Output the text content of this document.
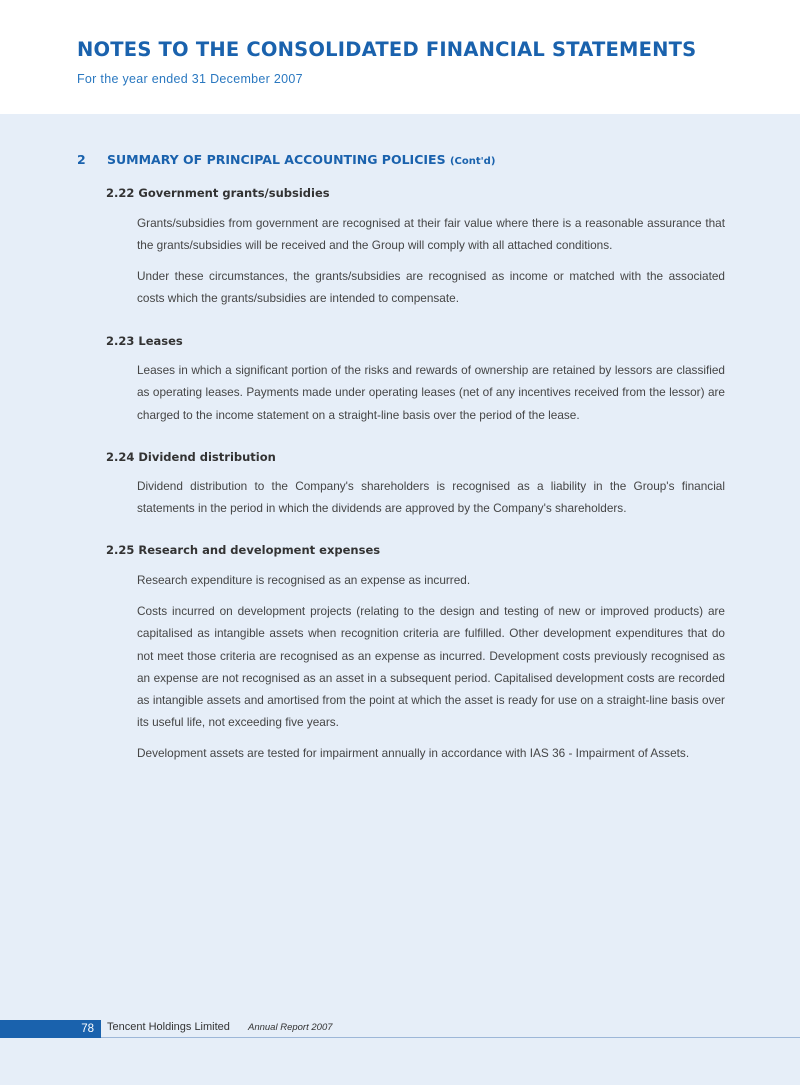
NOTES TO THE CONSOLIDATED FINANCIAL STATEMENTS
For the year ended 31 December 2007
2 SUMMARY OF PRINCIPAL ACCOUNTING POLICIES (Cont'd)
2.22 Government grants/subsidies

Grants/subsidies from government are recognised at their fair value where there is a reasonable assurance that the grants/subsidies will be received and the Group will comply with all attached conditions.

Under these circumstances, the grants/subsidies are recognised as income or matched with the associated costs which the grants/subsidies are intended to compensate.

2.23 Leases

Leases in which a significant portion of the risks and rewards of ownership are retained by lessors are classified as operating leases. Payments made under operating leases (net of any incentives received from the lessor) are charged to the income statement on a straight-line basis over the period of the lease.

2.24 Dividend distribution

Dividend distribution to the Company's shareholders is recognised as a liability in the Group's financial statements in the period in which the dividends are approved by the Company's shareholders.

2.25 Research and development expenses

Research expenditure is recognised as an expense as incurred.

Costs incurred on development projects (relating to the design and testing of new or improved products) are capitalised as intangible assets when recognition criteria are fulfilled. Other development expenditures that do not meet those criteria are recognised as an expense as incurred. Development costs previously recognised as an expense are not recognised as an asset in a subsequent period. Capitalised development costs are recorded as intangible assets and amortised from the point at which the asset is ready for use on a straight-line basis over its useful life, not exceeding five years.

Development assets are tested for impairment annually in accordance with IAS 36 - Impairment of Assets.

78	Tencent Holdings Limited Annual Report 2007
